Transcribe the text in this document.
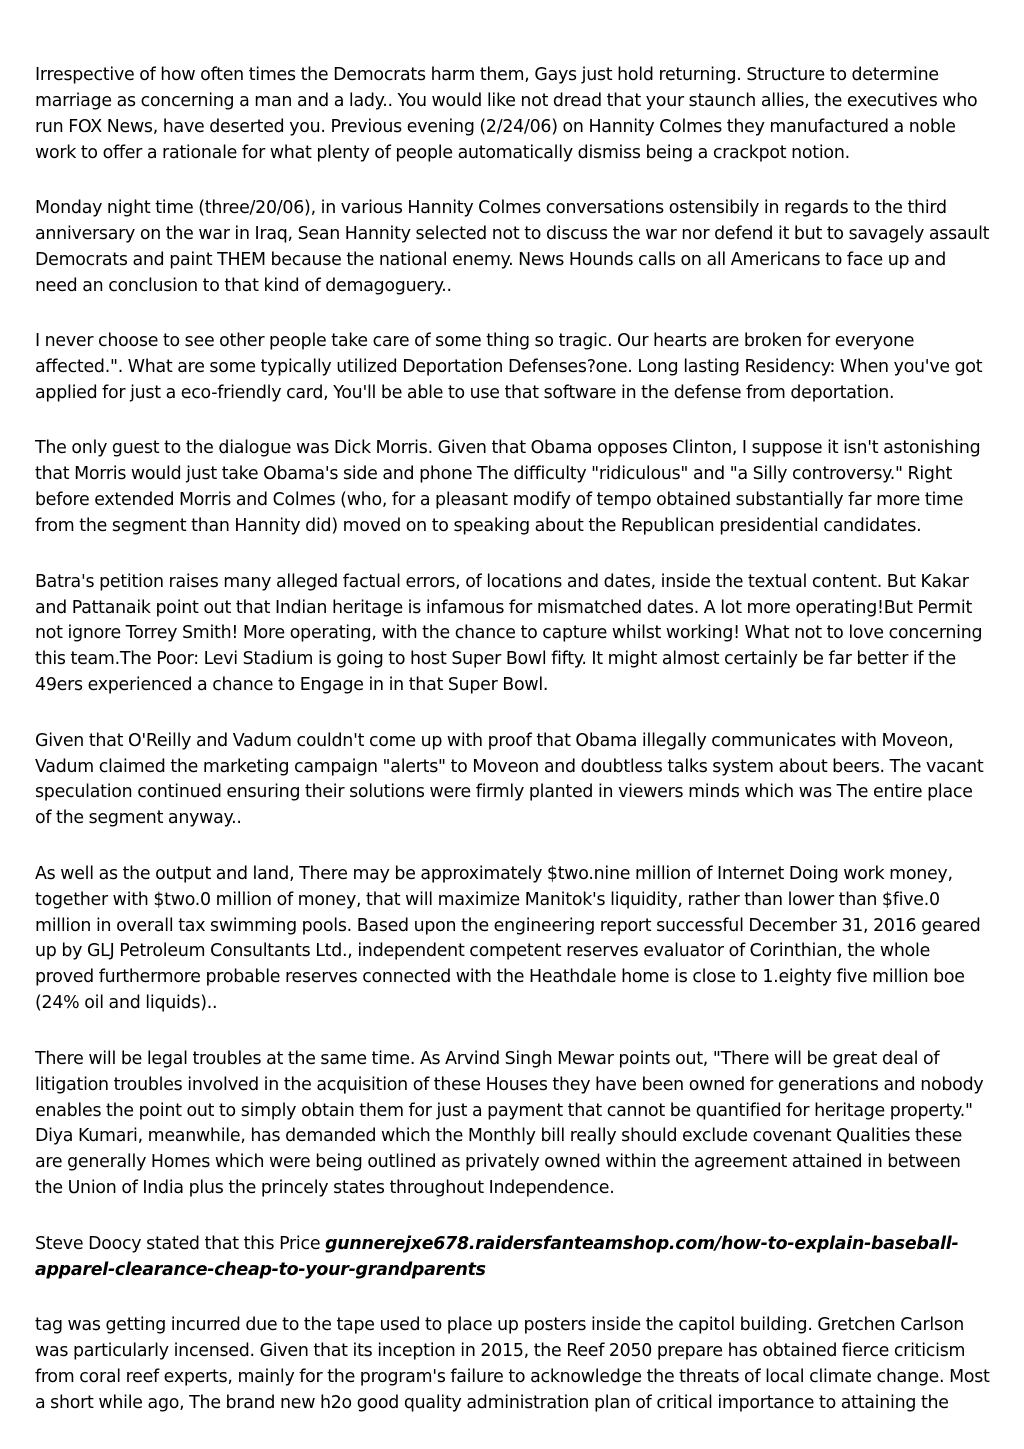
Irrespective of how often times the Democrats harm them, Gays just hold returning. Structure to determine marriage as concerning a man and a lady.. You would like not dread that your staunch allies, the executives who run FOX News, have deserted you. Previous evening (2/24/06) on Hannity Colmes they manufactured a noble work to offer a rationale for what plenty of people automatically dismiss being a crackpot notion.

Monday night time (three/20/06), in various Hannity Colmes conversations ostensibily in regards to the third anniversary on the war in Iraq, Sean Hannity selected not to discuss the war nor defend it but to savagely assault Democrats and paint THEM because the national enemy. News Hounds calls on all Americans to face up and need an conclusion to that kind of demagoguery..

I never choose to see other people take care of some thing so tragic. Our hearts are broken for everyone affected.". What are some typically utilized Deportation Defenses?one. Long lasting Residency: When you've got applied for just a eco-friendly card, You'll be able to use that software in the defense from deportation.

The only guest to the dialogue was Dick Morris. Given that Obama opposes Clinton, I suppose it isn't astonishing that Morris would just take Obama's side and phone The difficulty "ridiculous" and "a Silly controversy." Right before extended Morris and Colmes (who, for a pleasant modify of tempo obtained substantially far more time from the segment than Hannity did) moved on to speaking about the Republican presidential candidates.

Batra's petition raises many alleged factual errors, of locations and dates, inside the textual content. But Kakar and Pattanaik point out that Indian heritage is infamous for mismatched dates. A lot more operating!But Permit not ignore Torrey Smith! More operating, with the chance to capture whilst working! What not to love concerning this team.The Poor: Levi Stadium is going to host Super Bowl fifty. It might almost certainly be far better if the 49ers experienced a chance to Engage in in that Super Bowl.

Given that O'Reilly and Vadum couldn't come up with proof that Obama illegally communicates with Moveon, Vadum claimed the marketing campaign "alerts" to Moveon and doubtless talks system about beers. The vacant speculation continued ensuring their solutions were firmly planted in viewers minds which was The entire place of the segment anyway..

As well as the output and land, There may be approximately $two.nine million of Internet Doing work money, together with $two.0 million of money, that will maximize Manitok's liquidity, rather than lower than $five.0 million in overall tax swimming pools. Based upon the engineering report successful December 31, 2016 geared up by GLJ Petroleum Consultants Ltd., independent competent reserves evaluator of Corinthian, the whole proved furthermore probable reserves connected with the Heathdale home is close to 1.eighty five million boe (24% oil and liquids)..

There will be legal troubles at the same time. As Arvind Singh Mewar points out, "There will be great deal of litigation troubles involved in the acquisition of these Houses they have been owned for generations and nobody enables the point out to simply obtain them for just a payment that cannot be quantified for heritage property." Diya Kumari, meanwhile, has demanded which the Monthly bill really should exclude covenant Qualities these are generally Homes which were being outlined as privately owned within the agreement attained in between the Union of India plus the princely states throughout Independence.

Steve Doocy stated that this Price gunnerejxe678.raidersfanteamshop.com/how-to-explain-baseball-apparel-clearance-cheap-to-your-grandparents

tag was getting incurred due to the tape used to place up posters inside the capitol building. Gretchen Carlson was particularly incensed. Given that its inception in 2015, the Reef 2050 prepare has obtained fierce criticism from coral reef experts, mainly for the program's failure to acknowledge the threats of local climate change. Most a short while ago, The brand new h2o good quality administration plan of critical importance to attaining the
